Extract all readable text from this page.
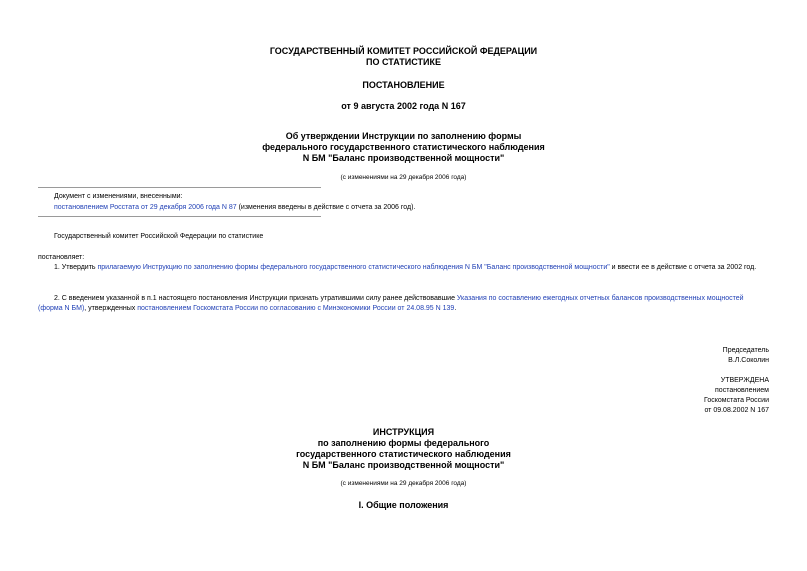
ГОСУДАРСТВЕННЫЙ КОМИТЕТ РОССИЙСКОЙ ФЕДЕРАЦИИ
ПО СТАТИСТИКЕ
ПОСТАНОВЛЕНИЕ
от 9 августа 2002 года N 167
Об утверждении Инструкции по заполнению формы
федерального государственного статистического наблюдения
N БМ "Баланс производственной мощности"
(с изменениями на 29 декабря 2006 года)
Документ с изменениями, внесенными:
постановлением Росстата от 29 декабря 2006 года N 87 (изменения введены в действие с отчета за 2006 год).
Государственный комитет Российской Федерации по статистике
постановляет:
1. Утвердить прилагаемую Инструкцию по заполнению формы федерального государственного статистического наблюдения N БМ "Баланс производственной мощности" и ввести ее в действие с отчета за 2002 год.
2. С введением указанной в п.1 настоящего постановления Инструкции признать утратившими силу ранее действовавшие Указания по составлению ежегодных отчетных балансов производственных мощностей (форма N БМ), утвержденных постановлением Госкомстата России по согласованию с Минэкономики России от 24.08.95 N 139.
Председатель
В.Л.Соколин
УТВЕРЖДЕНА
постановлением
Госкомстата России
от 09.08.2002 N 167
ИНСТРУКЦИЯ
по заполнению формы федерального
государственного статистического наблюдения
N БМ "Баланс производственной мощности"
(с изменениями на 29 декабря 2006 года)
I. Общие положения
